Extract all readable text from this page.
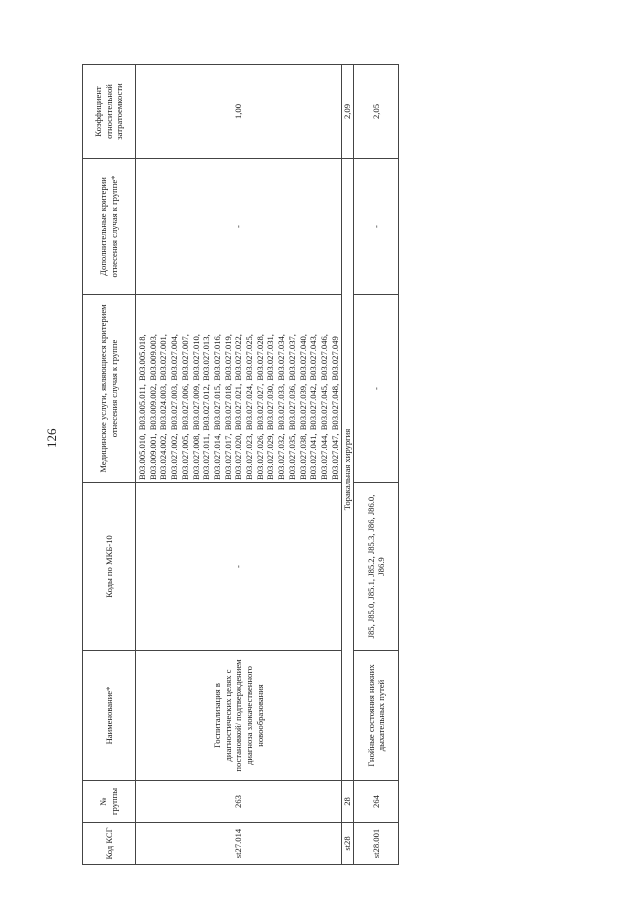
126
Код КСГ	№ группы	Наименование*	Коды по МКБ-10	Медицинские услуги, являющиеся критерием отнесения случая к группе	Дополнительные критерии отнесения случая к группе*	Коэффициент относительной затратоемкости
st27.014	263	Госпитализация в диагностических целях с постановкой/ подтверждением диагноза злокачественного новообразования	-	B03.005.010, B03.005.011, B03.005.018, B03.009.001, B03.009.002, B03.009.003, B03.024.002, B03.024.003, B03.027.001, B03.027.002, B03.027.003, B03.027.004, B03.027.005, B03.027.006, B03.027.007, B03.027.008, B03.027.009, B03.027.010, B03.027.011, B03.027.012, B03.027.013, B03.027.014, B03.027.015, B03.027.016, B03.027.017, B03.027.018, B03.027.019, B03.027.020, B03.027.021, B03.027.022, B03.027.023, B03.027.024, B03.027.025, B03.027.026, B03.027.027, B03.027.028, B03.027.029, B03.027.030, B03.027.031, B03.027.032, B03.027.033, B03.027.034, B03.027.035, B03.027.036, B03.027.037, B03.027.038, B03.027.039, B03.027.040, B03.027.041, B03.027.042, B03.027.043, B03.027.044, B03.027.045, B03.027.046, B03.027.047, B03.027.048, B03.027.049	-	1,00
st28	28	Торакальная хирургия				2,09
st28.001	264	Гнойные состояния нижних дыхательных путей	J85, J85.0, J85.1, J85.2, J85.3, J86, J86.0, J86.9	-	-	2,05
